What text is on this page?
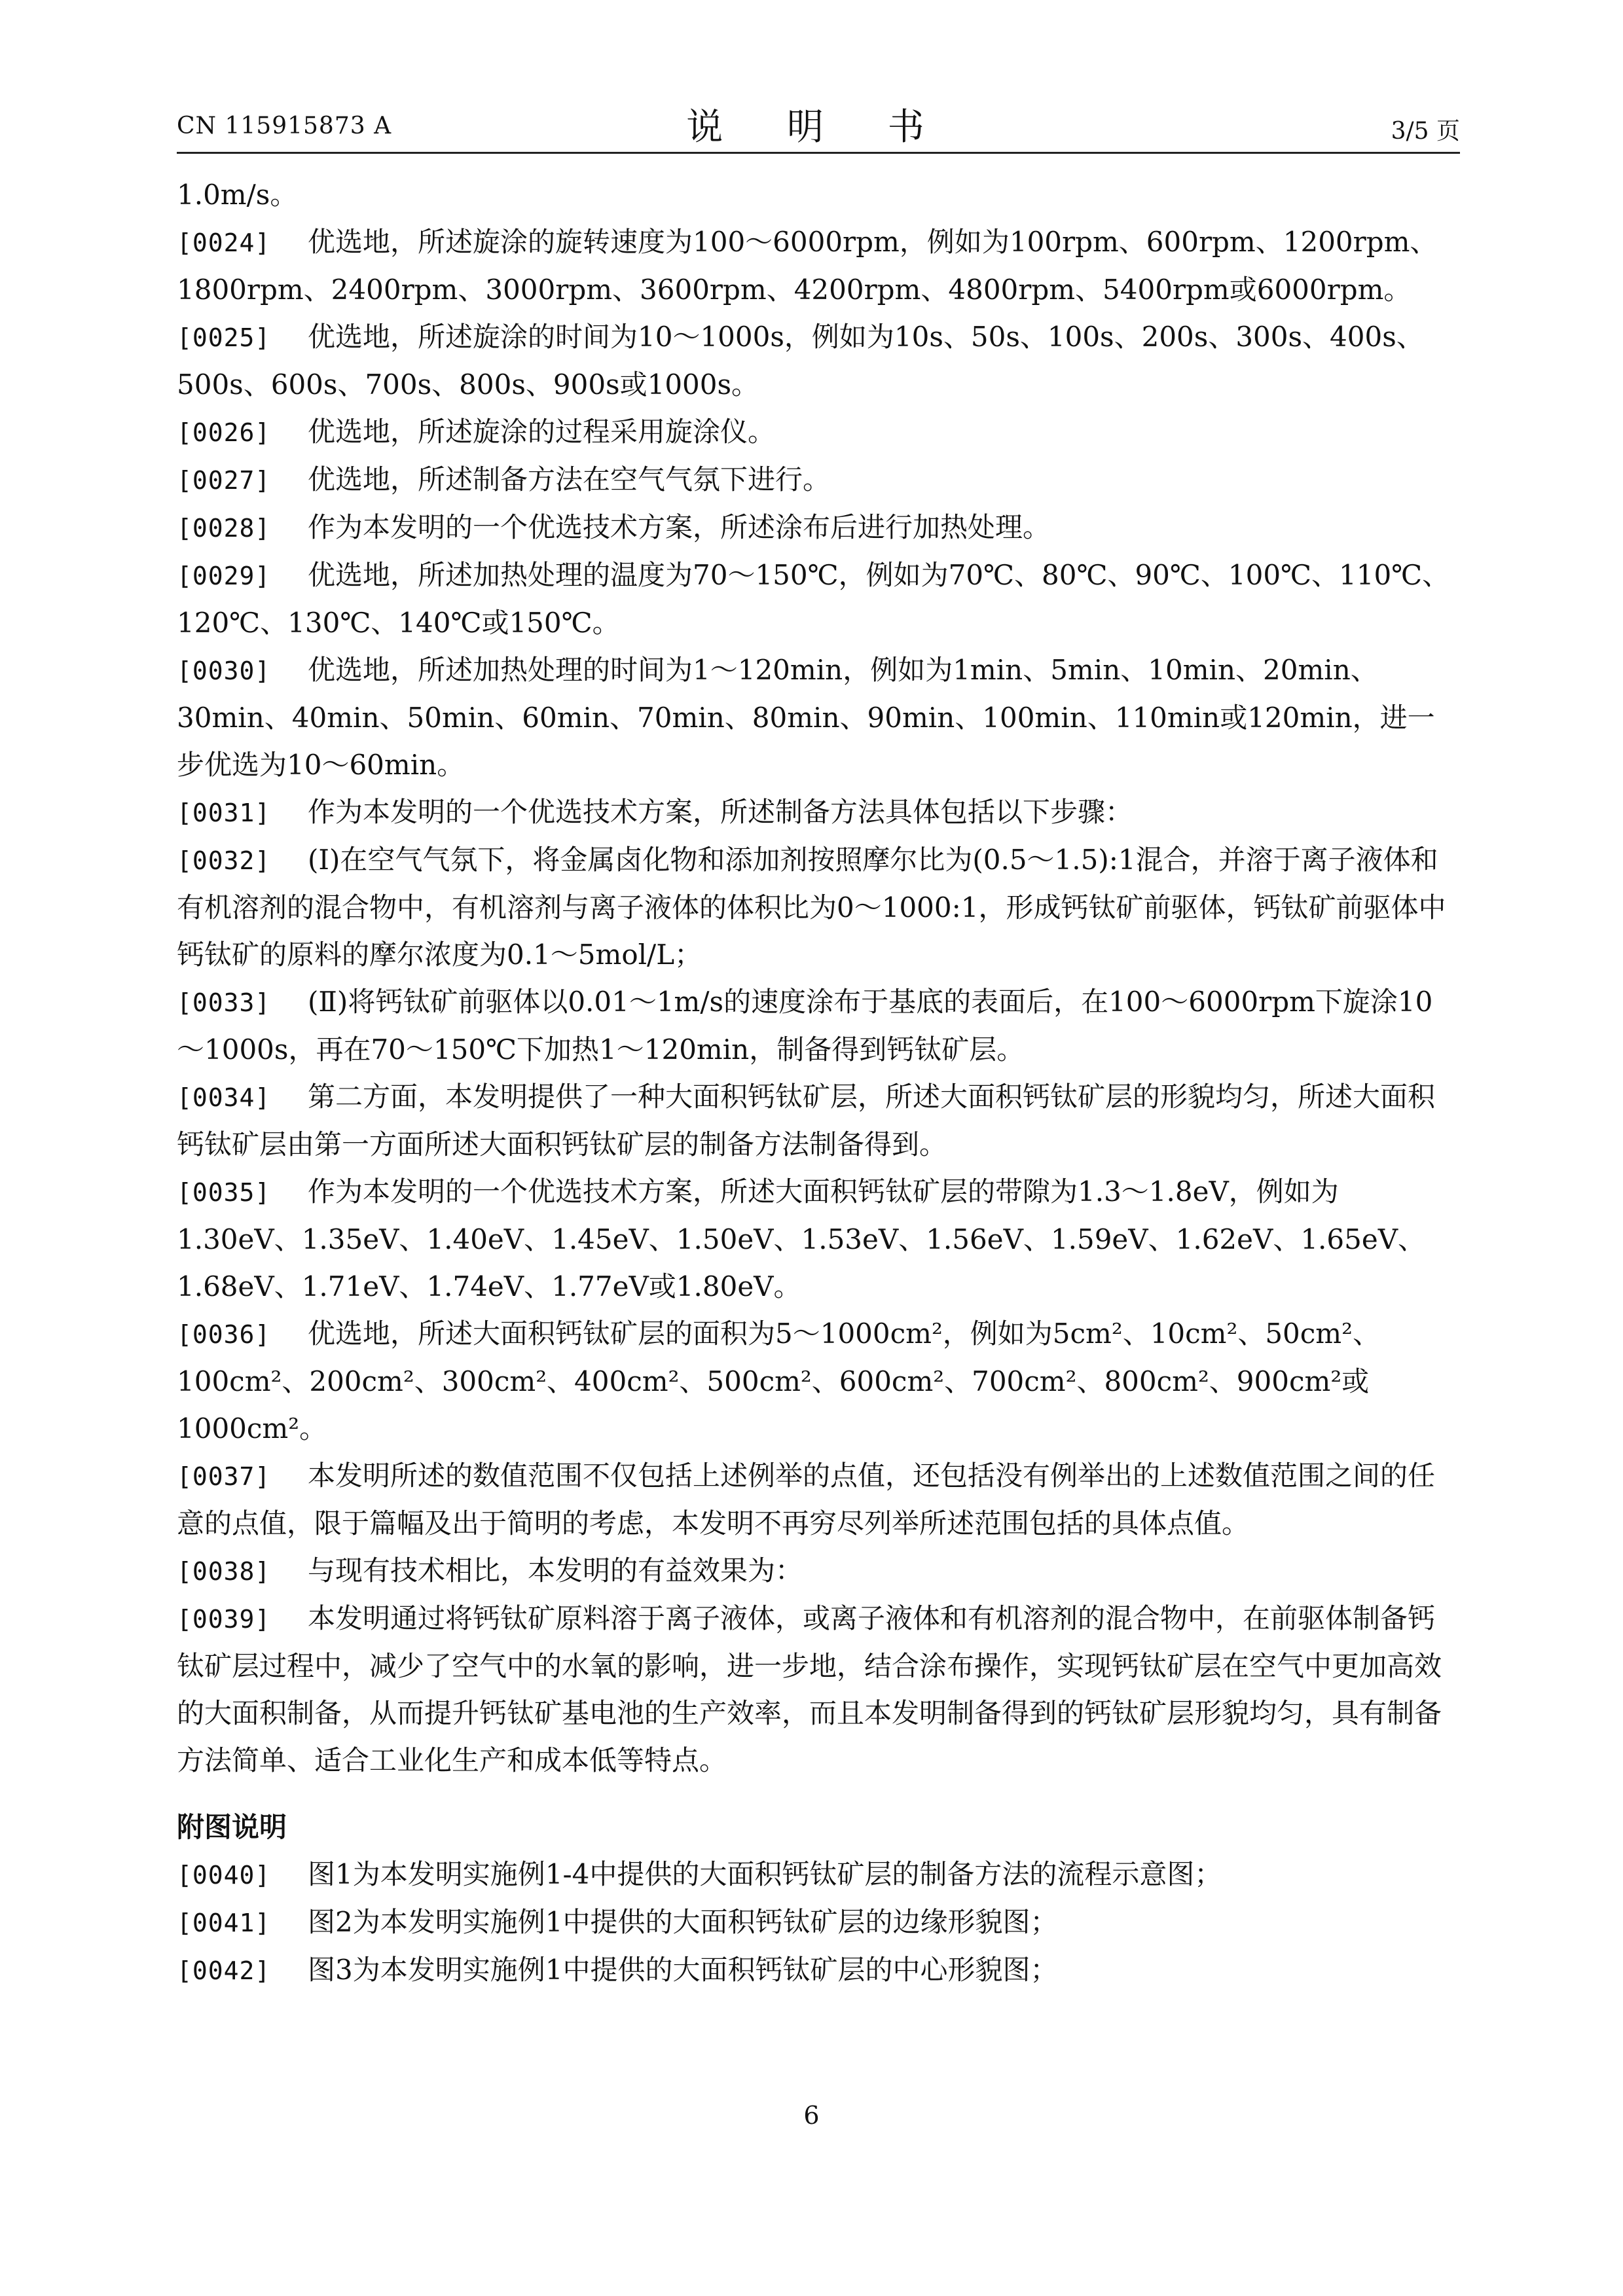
CN 115915873 A	说 明 书	3/5 页

1.0m/s。

[0024] 优选地，所述旋涂的旋转速度为100～6000rpm，例如为100rpm、600rpm、1200rpm、1800rpm、2400rpm、3000rpm、3600rpm、4200rpm、4800rpm、5400rpm或6000rpm。

[0025] 优选地，所述旋涂的时间为10～1000s，例如为10s、50s、100s、200s、300s、400s、500s、600s、700s、800s、900s或1000s。

[0026] 优选地，所述旋涂的过程采用旋涂仪。

[0027] 优选地，所述制备方法在空气气氛下进行。

[0028] 作为本发明的一个优选技术方案，所述涂布后进行加热处理。

[0029] 优选地，所述加热处理的温度为70～150℃，例如为70℃、80℃、90℃、100℃、110℃、120℃、130℃、140℃或150℃。

[0030] 优选地，所述加热处理的时间为1～120min，例如为1min、5min、10min、20min、30min、40min、50min、60min、70min、80min、90min、100min、110min或120min，进一步优选为10～60min。

[0031] 作为本发明的一个优选技术方案，所述制备方法具体包括以下步骤：

[0032] (Ⅰ)在空气气氛下，将金属卤化物和添加剂按照摩尔比为(0.5～1.5):1混合，并溶于离子液体和有机溶剂的混合物中，有机溶剂与离子液体的体积比为0～1000:1，形成钙钛矿前驱体，钙钛矿前驱体中钙钛矿的原料的摩尔浓度为0.1～5mol/L；

[0033] (Ⅱ)将钙钛矿前驱体以0.01～1m/s的速度涂布于基底的表面后，在100～6000rpm下旋涂10～1000s，再在70～150℃下加热1～120min，制备得到钙钛矿层。

[0034] 第二方面，本发明提供了一种大面积钙钛矿层，所述大面积钙钛矿层的形貌均匀，所述大面积钙钛矿层由第一方面所述大面积钙钛矿层的制备方法制备得到。

[0035] 作为本发明的一个优选技术方案，所述大面积钙钛矿层的带隙为1.3～1.8eV，例如为1.30eV、1.35eV、1.40eV、1.45eV、1.50eV、1.53eV、1.56eV、1.59eV、1.62eV、1.65eV、1.68eV、1.71eV、1.74eV、1.77eV或1.80eV。

[0036] 优选地，所述大面积钙钛矿层的面积为5～1000cm²，例如为5cm²、10cm²、50cm²、100cm²、200cm²、300cm²、400cm²、500cm²、600cm²、700cm²、800cm²、900cm²或1000cm²。

[0037] 本发明所述的数值范围不仅包括上述例举的点值，还包括没有例举出的上述数值范围之间的任意的点值，限于篇幅及出于简明的考虑，本发明不再穷尽列举所述范围包括的具体点值。

[0038] 与现有技术相比，本发明的有益效果为：

[0039] 本发明通过将钙钛矿原料溶于离子液体，或离子液体和有机溶剂的混合物中，在前驱体制备钙钛矿层过程中，减少了空气中的水氧的影响，进一步地，结合涂布操作，实现钙钛矿层在空气中更加高效的大面积制备，从而提升钙钛矿基电池的生产效率，而且本发明制备得到的钙钛矿层形貌均匀，具有制备方法简单、适合工业化生产和成本低等特点。

附图说明

[0040] 图1为本发明实施例1-4中提供的大面积钙钛矿层的制备方法的流程示意图；

[0041] 图2为本发明实施例1中提供的大面积钙钛矿层的边缘形貌图；

[0042] 图3为本发明实施例1中提供的大面积钙钛矿层的中心形貌图；

6
